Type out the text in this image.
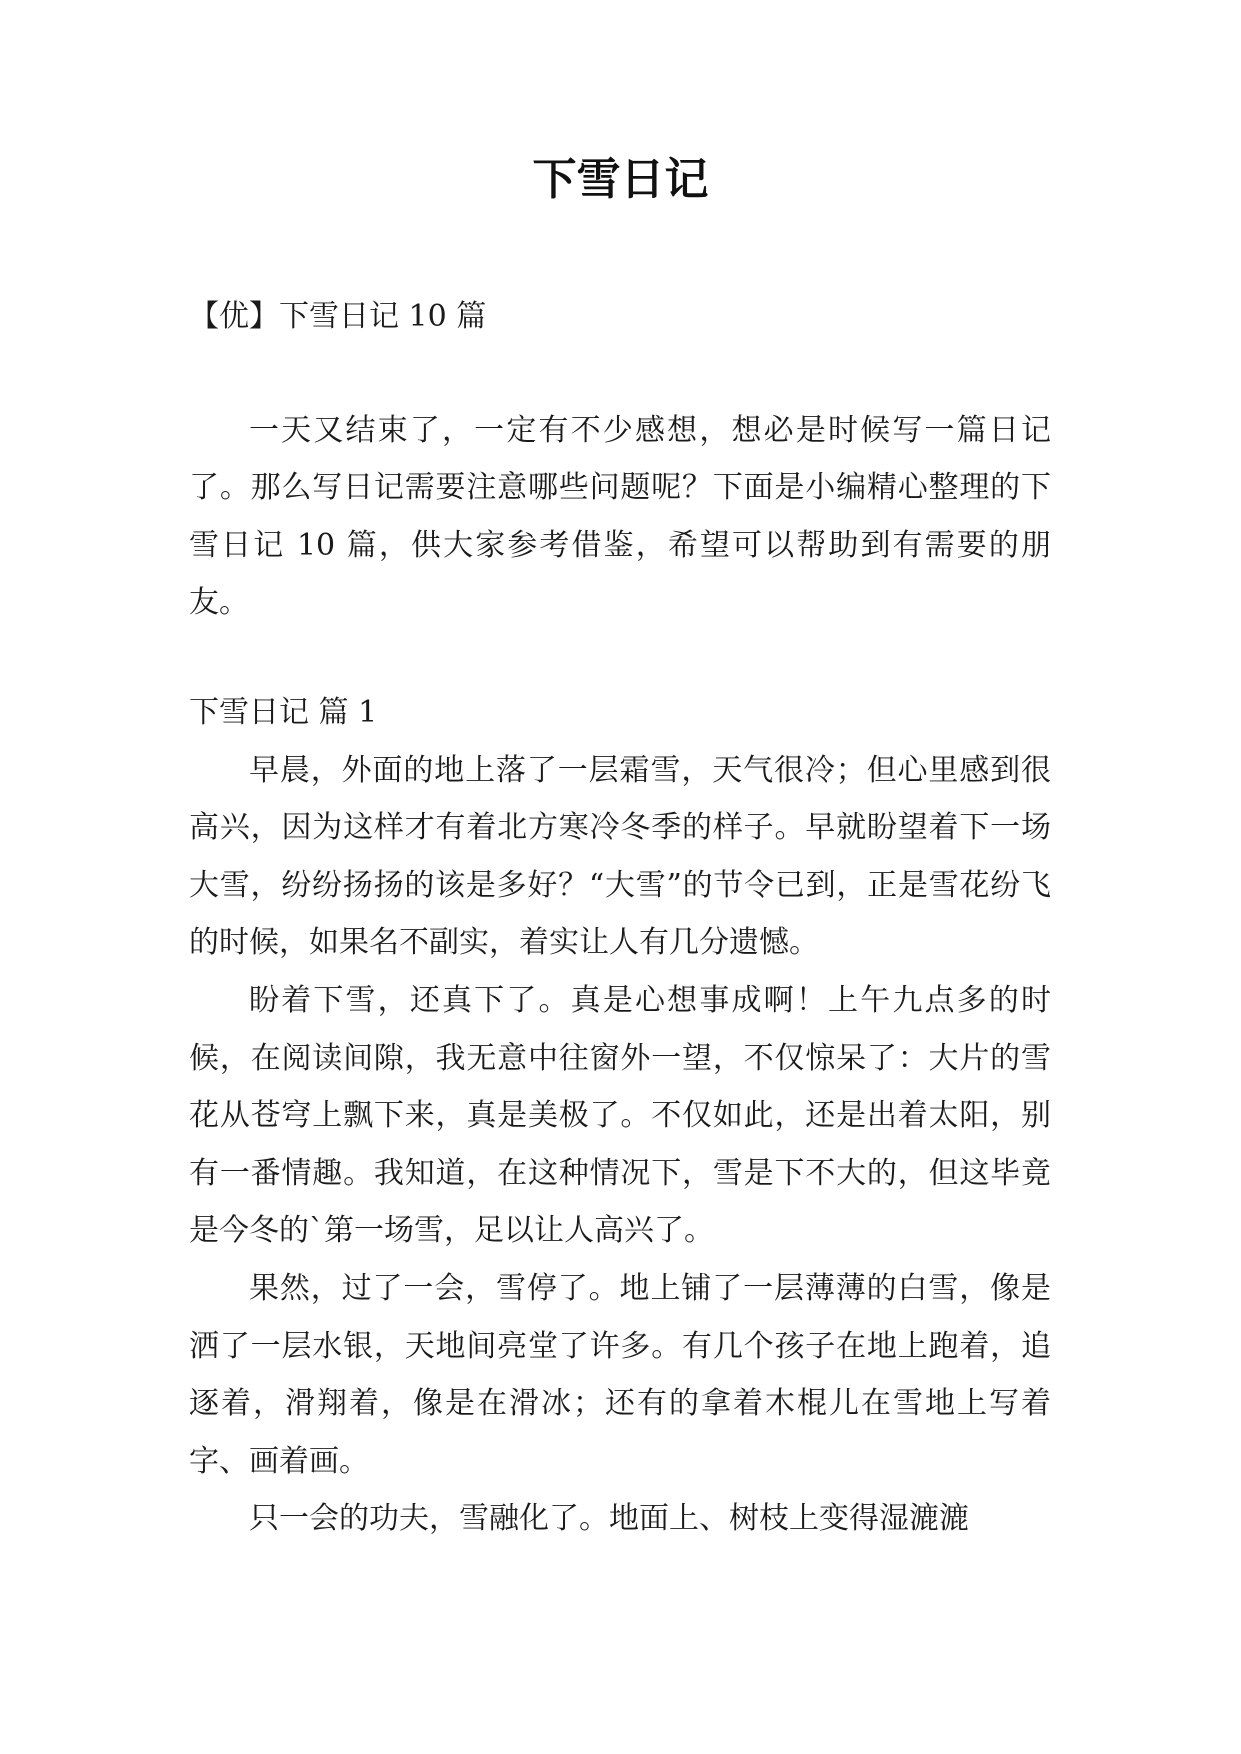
下雪日记

【优】下雪日记 10 篇

一天又结束了，一定有不少感想，想必是时候写一篇日记了。那么写日记需要注意哪些问题呢？下面是小编精心整理的下雪日记 10 篇，供大家参考借鉴，希望可以帮助到有需要的朋友。

下雪日记 篇 1

早晨，外面的地上落了一层霜雪，天气很冷；但心里感到很高兴，因为这样才有着北方寒冷冬季的样子。早就盼望着下一场大雪，纷纷扬扬的该是多好？“大雪”的节令已到，正是雪花纷飞的时候，如果名不副实，着实让人有几分遗憾。

盼着下雪，还真下了。真是心想事成啊！上午九点多的时候，在阅读间隙，我无意中往窗外一望，不仅惊呆了：大片的雪花从苍穹上飘下来，真是美极了。不仅如此，还是出着太阳，别有一番情趣。我知道，在这种情况下，雪是下不大的，但这毕竟是今冬的`第一场雪，足以让人高兴了。

果然，过了一会，雪停了。地上铺了一层薄薄的白雪，像是洒了一层水银，天地间亮堂了许多。有几个孩子在地上跑着，追逐着，滑翔着，像是在滑冰；还有的拿着木棍儿在雪地上写着字、画着画。

只一会的功夫，雪融化了。地面上、树枝上变得湿漉漉
